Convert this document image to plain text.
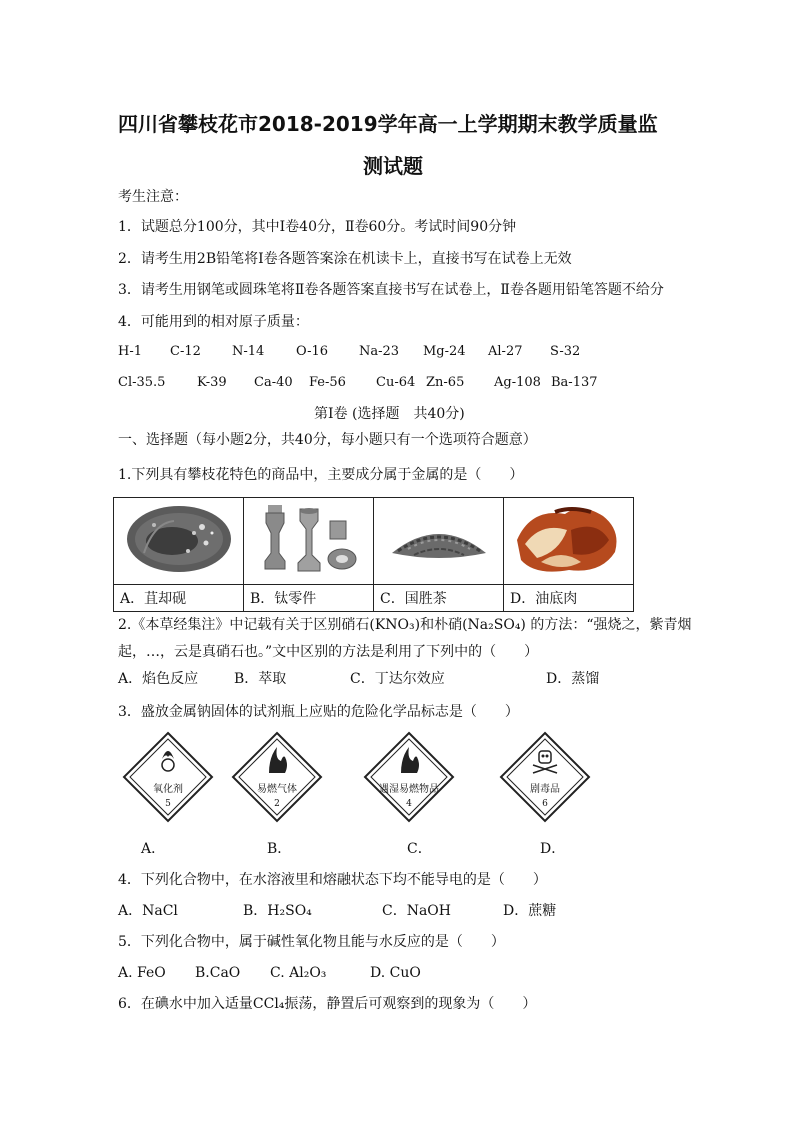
四川省攀枝花市2018-2019学年高一上学期期末教学质量监
测试题
考生注意：
1．试题总分100分，其中Ⅰ卷40分，Ⅱ卷60分。考试时间90分钟
2．请考生用2B铅笔将Ⅰ卷各题答案涂在机读卡上，直接书写在试卷上无效
3．请考生用钢笔或圆珠笔将Ⅱ卷各题答案直接书写在试卷上，Ⅱ卷各题用铅笔答题不给分
4．可能用到的相对原子质量：
H-1 C-12 N-14 O-16 Na-23 Mg-24 Al-27 S-32
Cl-35.5 K-39 Ca-40 Fe-56 Cu-64 Zn-65 Ag-108 Ba-137
第Ⅰ卷 (选择题　共40分)
一、选择题（每小题2分，共40分，每小题只有一个选项符合题意）
1.下列具有攀枝花特色的商品中，主要成分属于金属的是（　　）

A．苴却砚	B．钛零件	C．国胜茶	D．油底肉
2.《本草经集注》中记载有关于区别硝石(KNO₃)和朴硝(Na₂SO₄) 的方法：“强烧之，紫青烟
起，…，云是真硝石也。”文中区别的方法是利用了下列中的（　　）
A．焰色反应	B．萃取	C．丁达尔效应	D．蒸馏
3．盛放金属钠固体的试剂瓶上应贴的危险化学品标志是（　　）
氧化剂
5
易燃气体
2
遇湿易燃物品
4
剧毒品
6
A．	B．	C．	D．
4．下列化合物中，在水溶液里和熔融状态下均不能导电的是（　　）
A．NaCl	B．H₂SO₄	C．NaOH	D．蔗糖
5．下列化合物中，属于碱性氧化物且能与水反应的是（　　）
A. FeO B.CaO C. Al₂O₃	D. CuO
6．在碘水中加入适量CCl₄振荡，静置后可观察到的现象为（　　）
